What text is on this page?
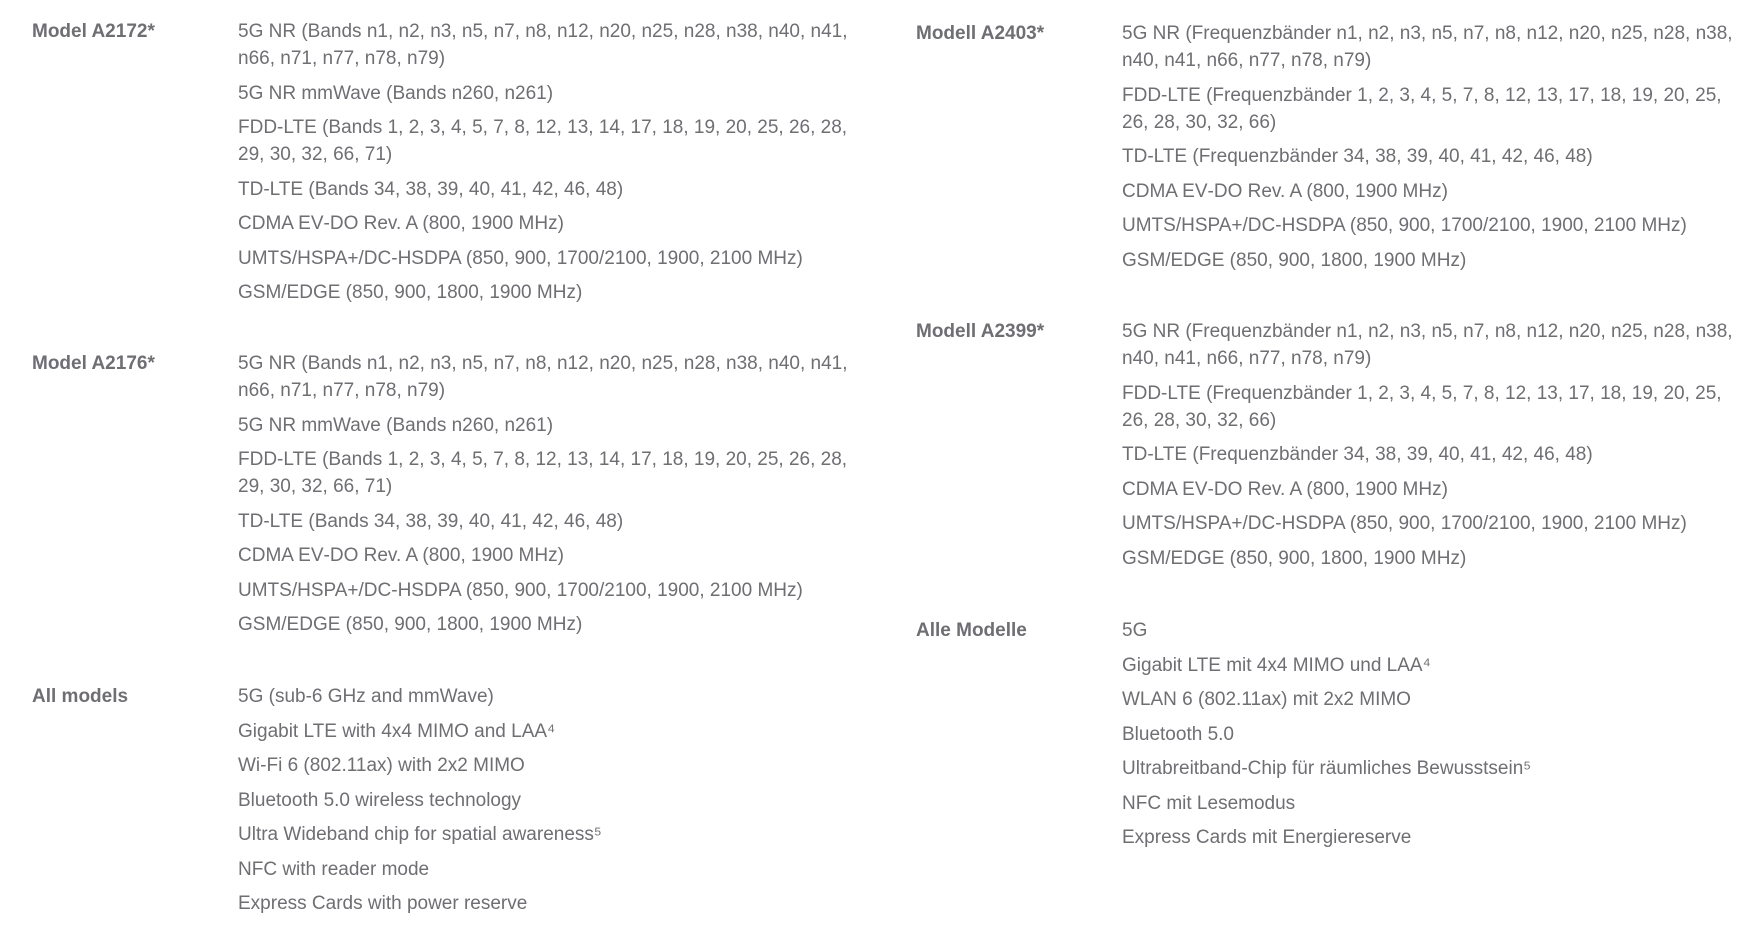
Model A2172*	5G NR (Bands n1, n2, n3, n5, n7, n8, n12, n20, n25, n28, n38, n40, n41, n66, n71, n77, n78, n79)
5G NR mmWave (Bands n260, n261)
FDD‑LTE (Bands 1, 2, 3, 4, 5, 7, 8, 12, 13, 14, 17, 18, 19, 20, 25, 26, 28, 29, 30, 32, 66, 71)
TD‑LTE (Bands 34, 38, 39, 40, 41, 42, 46, 48)
CDMA EV‑DO Rev. A (800, 1900 MHz)
UMTS/HSPA+/DC‑HSDPA (850, 900, 1700/2100, 1900, 2100 MHz)
GSM/EDGE (850, 900, 1800, 1900 MHz)
Model A2176*	5G NR (Bands n1, n2, n3, n5, n7, n8, n12, n20, n25, n28, n38, n40, n41, n66, n71, n77, n78, n79)
5G NR mmWave (Bands n260, n261)
FDD‑LTE (Bands 1, 2, 3, 4, 5, 7, 8, 12, 13, 14, 17, 18, 19, 20, 25, 26, 28, 29, 30, 32, 66, 71)
TD‑LTE (Bands 34, 38, 39, 40, 41, 42, 46, 48)
CDMA EV‑DO Rev. A (800, 1900 MHz)
UMTS/HSPA+/DC‑HSDPA (850, 900, 1700/2100, 1900, 2100 MHz)
GSM/EDGE (850, 900, 1800, 1900 MHz)
All models	5G (sub‑6 GHz and mmWave)
Gigabit LTE with 4x4 MIMO and LAA⁴
Wi‑Fi 6 (802.11ax) with 2x2 MIMO
Bluetooth 5.0 wireless technology
Ultra Wideband chip for spatial awareness⁵
NFC with reader mode
Express Cards with power reserve
Modell A2403*	5G NR (Frequenzbänder n1, n2, n3, n5, n7, n8, n12, n20, n25, n28, n38, n40, n41, n66, n77, n78, n79)
FDD‑LTE (Frequenzbänder 1, 2, 3, 4, 5, 7, 8, 12, 13, 17, 18, 19, 20, 25, 26, 28, 30, 32, 66)
TD‑LTE (Frequenzbänder 34, 38, 39, 40, 41, 42, 46, 48)
CDMA EV‑DO Rev. A (800, 1900 MHz)
UMTS/HSPA+/DC‑HSDPA (850, 900, 1700/2100, 1900, 2100 MHz)
GSM/EDGE (850, 900, 1800, 1900 MHz)
Modell A2399*	5G NR (Frequenzbänder n1, n2, n3, n5, n7, n8, n12, n20, n25, n28, n38, n40, n41, n66, n77, n78, n79)
FDD‑LTE (Frequenzbänder 1, 2, 3, 4, 5, 7, 8, 12, 13, 17, 18, 19, 20, 25, 26, 28, 30, 32, 66)
TD‑LTE (Frequenzbänder 34, 38, 39, 40, 41, 42, 46, 48)
CDMA EV‑DO Rev. A (800, 1900 MHz)
UMTS/HSPA+/DC‑HSDPA (850, 900, 1700/2100, 1900, 2100 MHz)
GSM/EDGE (850, 900, 1800, 1900 MHz)
Alle Modelle	5G
Gigabit LTE mit 4x4 MIMO und LAA⁴
WLAN 6 (802.11ax) mit 2x2 MIMO
Bluetooth 5.0
Ultrabreitband‑Chip für räumliches Bewusstsein⁵
NFC mit Lesemodus
Express Cards mit Energiereserve
